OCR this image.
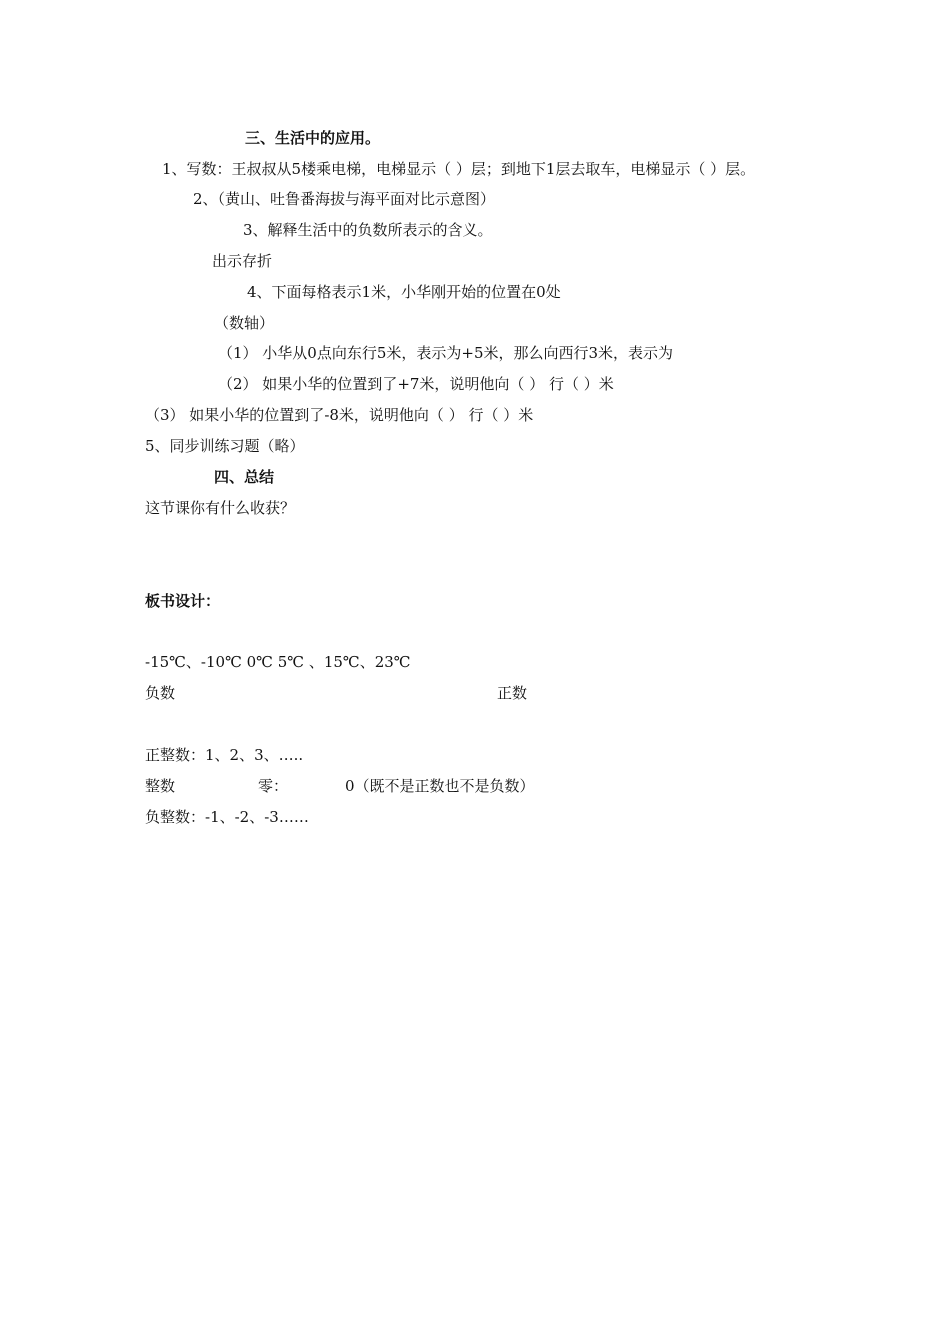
三、生活中的应用。
1、写数：王叔叔从5楼乘电梯，电梯显示（ ）层；到地下1层去取车，电梯显示（ ）层。
2、（黄山、吐鲁番海拔与海平面对比示意图）
3、解释生活中的负数所表示的含义。
出示存折
4、下面每格表示1米，小华刚开始的位置在0处
（数轴）
（1） 小华从0点向东行5米，表示为+5米，那么向西行3米，表示为
（2） 如果小华的位置到了+7米，说明他向（ ） 行（ ）米
（3） 如果小华的位置到了-8米，说明他向（ ） 行（ ）米
5、同步训练习题（略）
四、总结
这节课你有什么收获？
板书设计：
-15℃、-10℃ 0℃ 5℃ 、15℃、23℃
负数	正数
正整数：1、2、3、…..
整数	零：	0（既不是正数也不是负数）
负整数：-1、-2、-3……
